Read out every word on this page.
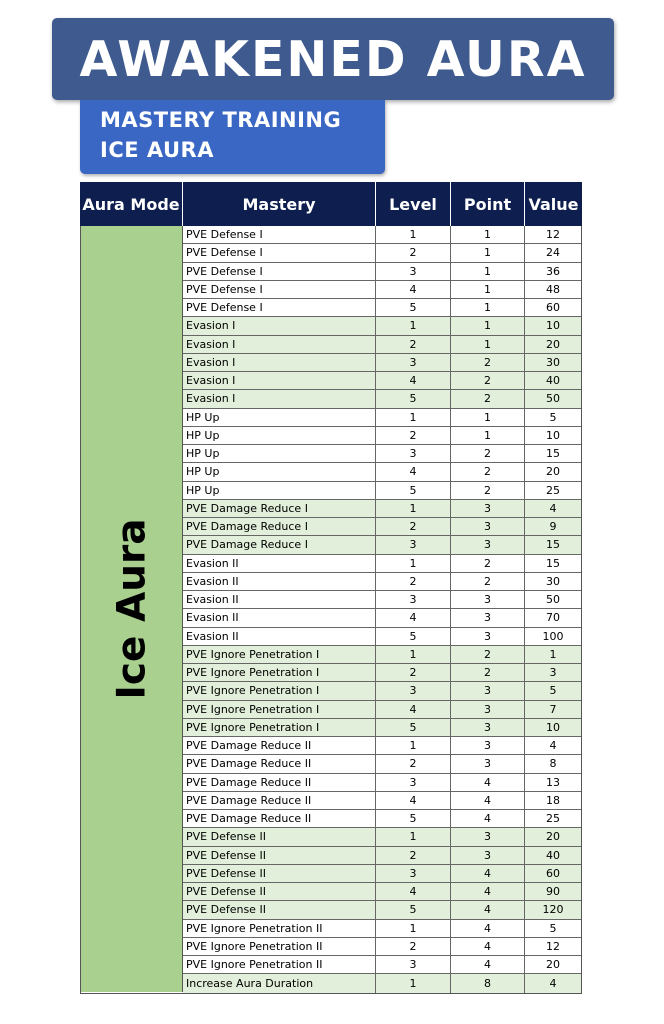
AWAKENED AURA
MASTERY TRAINING
ICE AURA
Aura Mode	Mastery	Level	Point	Value
Ice Aura
PVE Defense I	1	1	12
PVE Defense I	2	1	24
PVE Defense I	3	1	36
PVE Defense I	4	1	48
PVE Defense I	5	1	60
Evasion I	1	1	10
Evasion I	2	1	20
Evasion I	3	2	30
Evasion I	4	2	40
Evasion I	5	2	50
HP Up	1	1	5
HP Up	2	1	10
HP Up	3	2	15
HP Up	4	2	20
HP Up	5	2	25
PVE Damage Reduce I	1	3	4
PVE Damage Reduce I	2	3	9
PVE Damage Reduce I	3	3	15
Evasion II	1	2	15
Evasion II	2	2	30
Evasion II	3	3	50
Evasion II	4	3	70
Evasion II	5	3	100
PVE Ignore Penetration I	1	2	1
PVE Ignore Penetration I	2	2	3
PVE Ignore Penetration I	3	3	5
PVE Ignore Penetration I	4	3	7
PVE Ignore Penetration I	5	3	10
PVE Damage Reduce II	1	3	4
PVE Damage Reduce II	2	3	8
PVE Damage Reduce II	3	4	13
PVE Damage Reduce II	4	4	18
PVE Damage Reduce II	5	4	25
PVE Defense II	1	3	20
PVE Defense II	2	3	40
PVE Defense II	3	4	60
PVE Defense II	4	4	90
PVE Defense II	5	4	120
PVE Ignore Penetration II	1	4	5
PVE Ignore Penetration II	2	4	12
PVE Ignore Penetration II	3	4	20
Increase Aura Duration	1	8	4
